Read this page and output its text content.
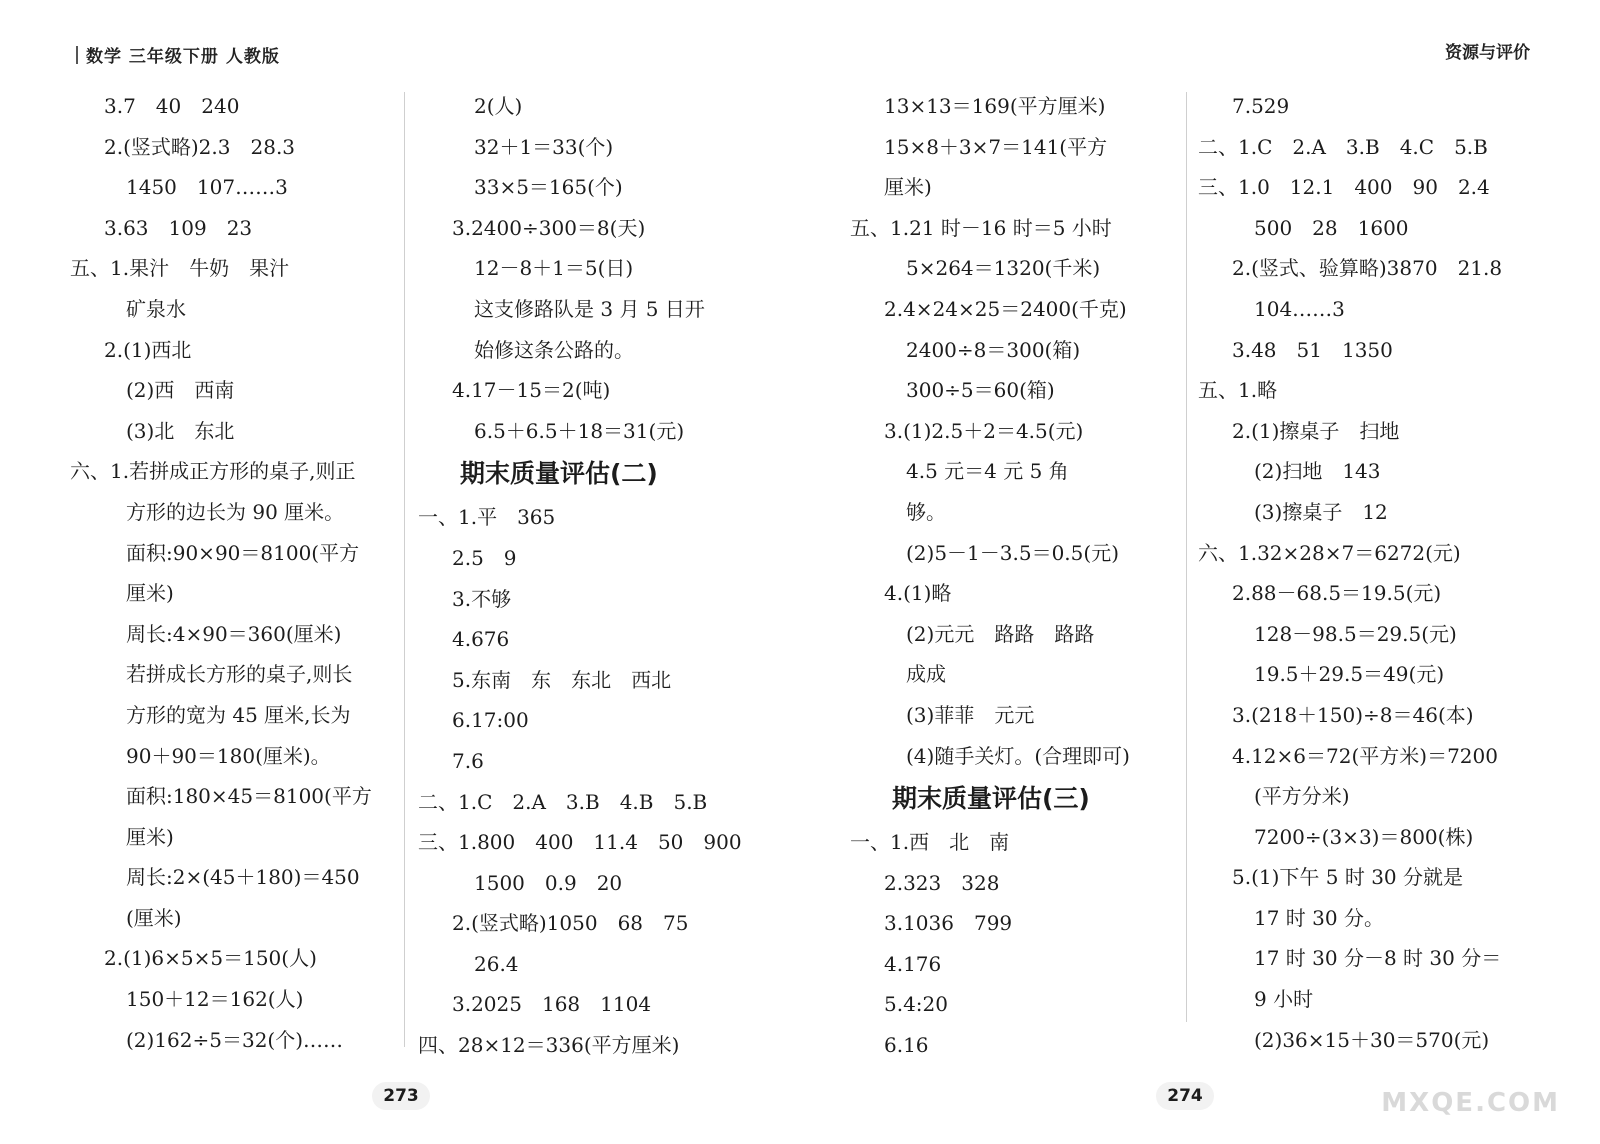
数学 三年级下册 人教版
3.7　40　240
2.(竖式略)2.3　28.3
1450　107……3
3.63　109　23
五、1.果汁　牛奶　果汁
矿泉水
2.(1)西北
(2)西　西南
(3)北　东北
六、1.若拼成正方形的桌子,则正
方形的边长为 90 厘米。
面积:90×90＝8100(平方
厘米)
周长:4×90＝360(厘米)
若拼成长方形的桌子,则长
方形的宽为 45 厘米,长为
90＋90＝180(厘米)。
面积:180×45＝8100(平方
厘米)
周长:2×(45＋180)＝450
(厘米)
2.(1)6×5×5＝150(人)
150＋12＝162(人)
(2)162÷5＝32(个)……
2(人)
32＋1＝33(个)
33×5＝165(个)
3.2400÷300＝8(天)
12－8＋1＝5(日)
这支修路队是 3 月 5 日开
始修这条公路的。
4.17－15＝2(吨)
6.5＋6.5＋18＝31(元)
期末质量评估(二)
一、1.平　365
2.5　9
3.不够
4.676
5.东南　东　东北　西北
6.17:00
7.6
二、1.C　2.A　3.B　4.B　5.B
三、1.800　400　11.4　50　900
1500　0.9　20
2.(竖式略)1050　68　75
26.4
3.2025　168　1104
四、28×12＝336(平方厘米)
273
资源与评价
13×13＝169(平方厘米)
15×8＋3×7＝141(平方
厘米)
五、1.21 时－16 时＝5 小时
5×264＝1320(千米)
2.4×24×25＝2400(千克)
2400÷8＝300(箱)
300÷5＝60(箱)
3.(1)2.5＋2＝4.5(元)
4.5 元＝4 元 5 角
够。
(2)5－1－3.5＝0.5(元)
4.(1)略
(2)元元　路路　路路
成成
(3)菲菲　元元
(4)随手关灯。(合理即可)
期末质量评估(三)
一、1.西　北　南
2.323　328
3.1036　799
4.176
5.4:20
6.16
7.529
二、1.C　2.A　3.B　4.C　5.B
三、1.0　12.1　400　90　2.4
500　28　1600
2.(竖式、验算略)3870　21.8
104……3
3.48　51　1350
五、1.略
2.(1)擦桌子　扫地
(2)扫地　143
(3)擦桌子　12
六、1.32×28×7＝6272(元)
2.88－68.5＝19.5(元)
128－98.5＝29.5(元)
19.5＋29.5＝49(元)
3.(218＋150)÷8＝46(本)
4.12×6＝72(平方米)＝7200
(平方分米)
7200÷(3×3)＝800(株)
5.(1)下午 5 时 30 分就是
17 时 30 分。
17 时 30 分－8 时 30 分＝
9 小时
(2)36×15＋30＝570(元)
274	MXQE.COM
